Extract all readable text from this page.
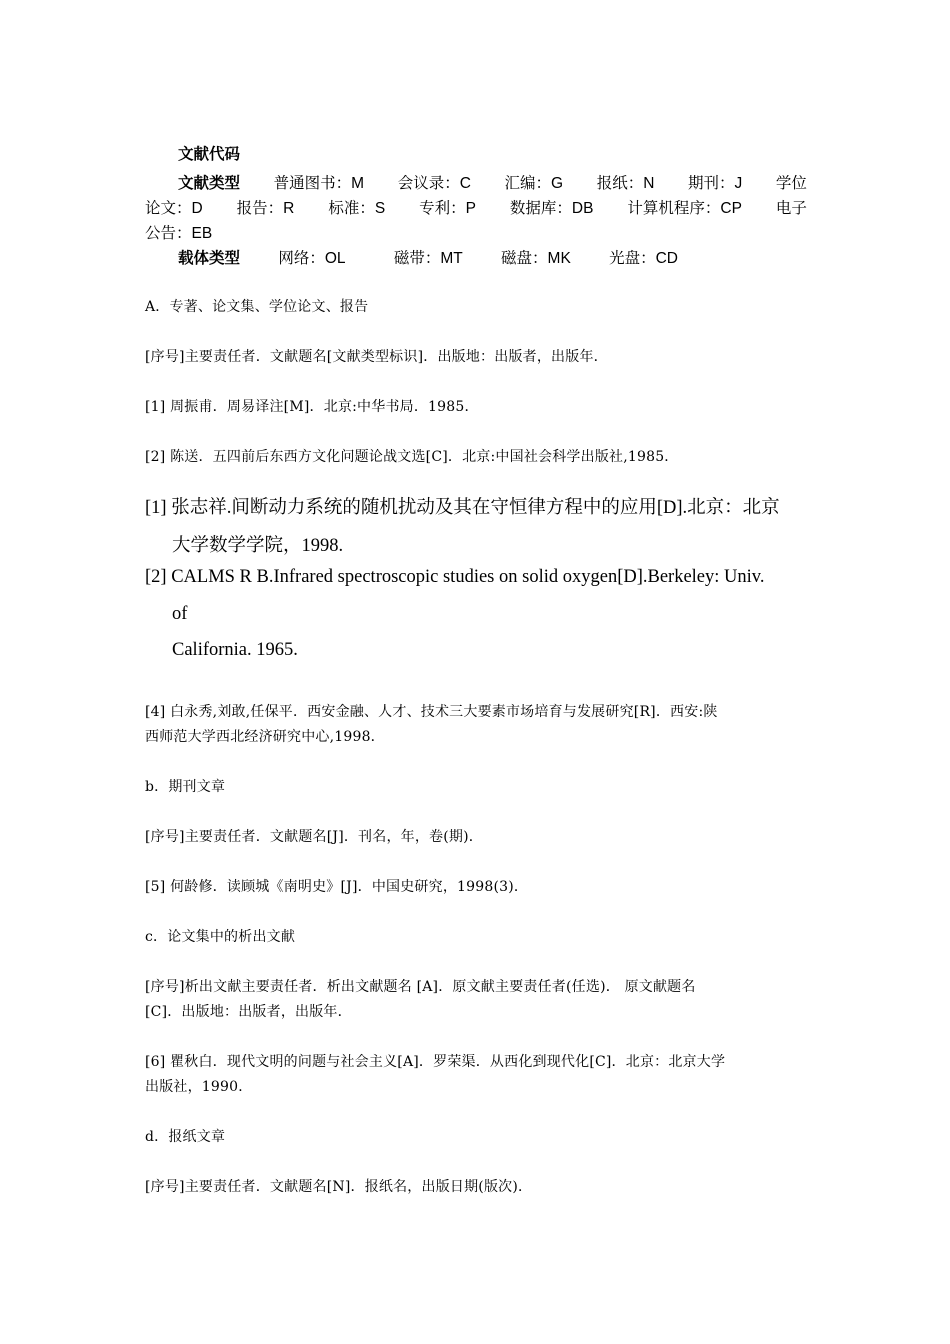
文献代码
文献类型 普通图书：M 会议录：C 汇编：G 报纸：N 期刊：J 学位
论文：D 报告：R 标准：S 专利：P 数据库：DB 计算机程序：CP 电子
公告：EB
载体类型 网络：OL	磁带：MT 磁盘：MK 光盘：CD
A．专著、论文集、学位论文、报告
[序号]主要责任者．文献题名[文献类型标识]．出版地：出版者，出版年．
[1] 周振甫．周易译注[M]．北京:中华书局．1985．
[2] 陈送．五四前后东西方文化问题论战文选[C]．北京:中国社会科学出版社,1985．
[1] 张志祥.间断动力系统的随机扰动及其在守恒律方程中的应用[D].北京：北京
大学数学学院，1998.
[2] CALMS R B.Infrared spectroscopic studies on solid oxygen[D].Berkeley: Univ.
of
California. 1965.
[4] 白永秀,刘敢,任保平．西安金融、人才、技术三大要素市场培育与发展研究[R]．西安:陕
西师范大学西北经济研究中心,1998．
b．期刊文章
[序号]主要责任者．文献题名[J]．刊名，年，卷(期)．
[5] 何龄修．读顾城《南明史》[J]．中国史研究，1998(3)．
c．论文集中的析出文献
[序号]析出文献主要责任者．析出文献题名 [A]．原文献主要责任者(任选)． 原文献题名
[C]．出版地：出版者，出版年．
[6] 瞿秋白．现代文明的问题与社会主义[A]．罗荣渠．从西化到现代化[C]．北京：北京大学
出版社，1990．
d．报纸文章
[序号]主要责任者．文献题名[N]．报纸名，出版日期(版次)．
